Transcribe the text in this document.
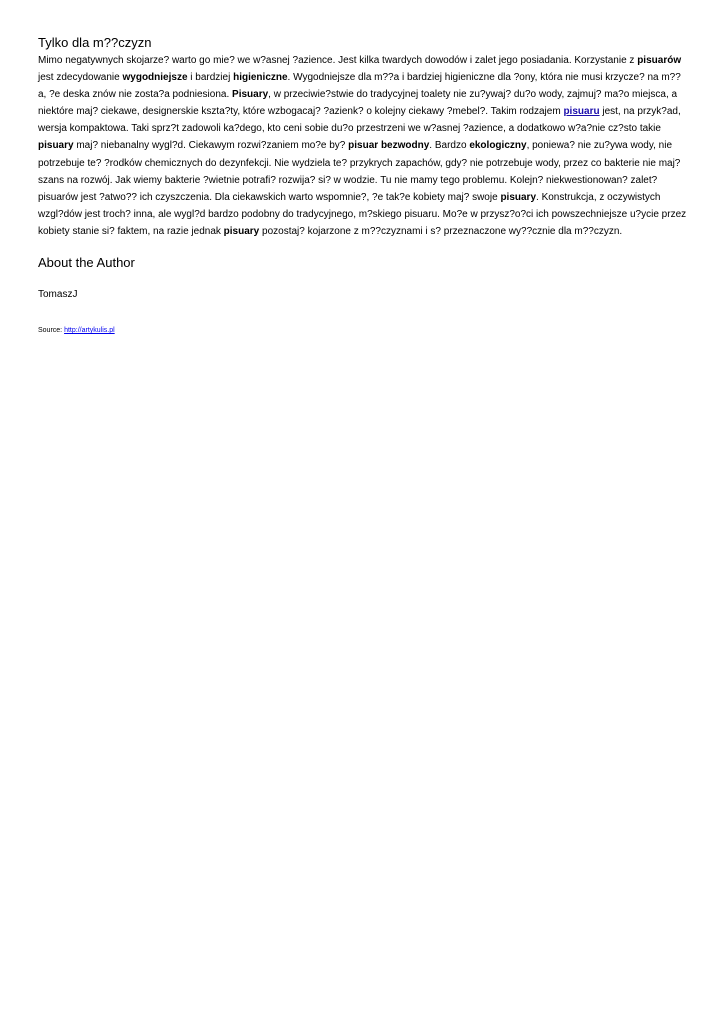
Tylko dla m??czyzn

Mimo negatywnych skojarze? warto go mie? we w?asnej ?azience. Jest kilka twardych dowodów i zalet jego posiadania. Korzystanie z pisuarów jest zdecydowanie wygodniejsze i bardziej higieniczne. Wygodniejsze dla m??a i bardziej higieniczne dla ?ony, która nie musi krzycze? na m??a, ?e deska znów nie zosta?a podniesiona. Pisuary, w przeciwie?stwie do tradycyjnej toalety nie zu?ywaj? du?o wody, zajmuj? ma?o miejsca, a niektóre maj? ciekawe, designerskie kszta?ty, które wzbogacaj? ?azienk? o kolejny ciekawy ?mebel?. Takim rodzajem pisuaru jest, na przyk?ad, wersja kompaktowa. Taki sprz?t zadowoli ka?dego, kto ceni sobie du?o przestrzeni we w?asnej ?azience, a dodatkowo w?a?nie cz?sto takie pisuary maj? niebanalny wygl?d. Ciekawym rozwi?zaniem mo?e by? pisuar bezwodny. Bardzo ekologiczny, poniewa? nie zu?ywa wody, nie potrzebuje te? ?rodków chemicznych do dezynfekcji. Nie wydziela te? przykrych zapachów, gdy? nie potrzebuje wody, przez co bakterie nie maj? szans na rozwój. Jak wiemy bakterie ?wietnie potrafi? rozwija? si? w wodzie. Tu nie mamy tego problemu. Kolejn? niekwestionowan? zalet? pisuarów jest ?atwo?? ich czyszczenia. Dla ciekawskich warto wspomnie?, ?e tak?e kobiety maj? swoje pisuary. Konstrukcja, z oczywistych wzgl?dów jest troch? inna, ale wygl?d bardzo podobny do tradycyjnego, m?skiego pisuaru. Mo?e w przysz?o?ci ich powszechniejsze u?ycie przez kobiety stanie si? faktem, na razie jednak pisuary pozostaj? kojarzone z m??czyznami i s? przeznaczone wy??cznie dla m??czyzn.

About the Author
TomaszJ
Source: http://artykulis.pl
